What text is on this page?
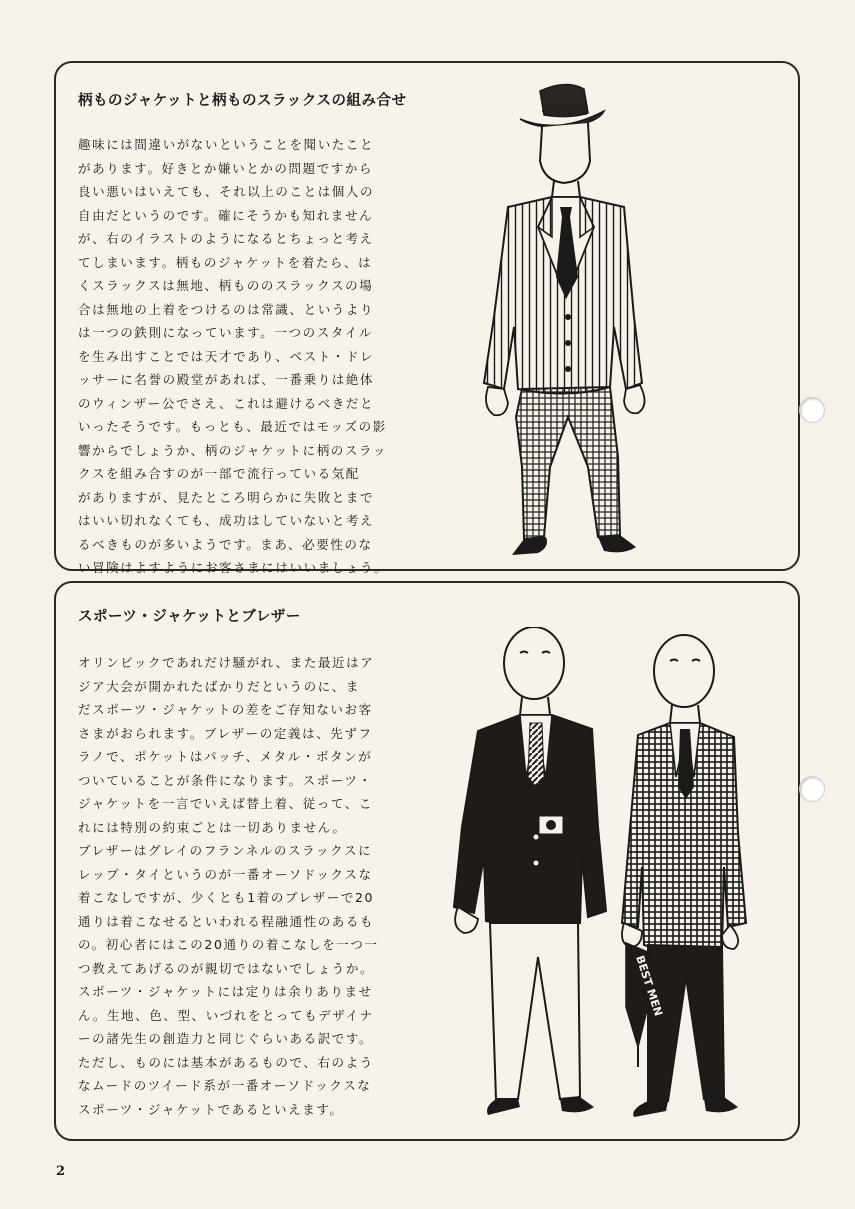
柄ものジャケットと柄ものスラックスの組み合せ
趣味には間違いがないということを聞いたこと
があります。好きとか嫌いとかの問題ですから
良い悪いはいえても、それ以上のことは個人の
自由だというのです。確にそうかも知れません
が、右のイラストのようになるとちょっと考え
てしまいます。柄ものジャケットを着たら、は
くスラックスは無地、柄もののスラックスの場
合は無地の上着をつけるのは常識、というより
は一つの鉄則になっています。一つのスタイル
を生み出すことでは天才であり、ベスト・ドレ
ッサーに名誉の殿堂があれば、一番乗りは絶体
のウィンザー公でさえ、これは避けるべきだと
いったそうです。もっとも、最近ではモッズの影
響からでしょうか、柄のジャケットに柄のスラッ
クスを組み合すのが一部で流行っている気配
がありますが、見たところ明らかに失敗とまで
はいい切れなくても、成功はしていないと考え
るべきものが多いようです。まあ、必要性のな
い冒険はよすようにお客さまにはいいましょう。
スポーツ・ジャケットとブレザー
オリンピックであれだけ騒がれ、また最近はア
ジア大会が開かれたばかりだというのに、ま
だスポーツ・ジャケットの差をご存知ないお客
さまがおられます。ブレザーの定義は、先ずフ
ラノで、ポケットはパッチ、メタル・ボタンが
ついていることが条件になります。スポーツ・
ジャケットを一言でいえば替上着、従って、こ
れには特別の約束ごとは一切ありません。
ブレザーはグレイのフランネルのスラックスに
レップ・タイというのが一番オーソドックスな
着こなしですが、少くとも1着のブレザーで20
通りは着こなせるといわれる程融通性のあるも
の。初心者にはこの20通りの着こなしを一つ一
つ教えてあげるのが親切ではないでしょうか。
スポーツ・ジャケットには定りは余りありませ
ん。生地、色、型、いづれをとってもデザイナ
ーの諸先生の創造力と同じぐらいある訳です。
ただし、ものには基本があるもので、右のよう
なムードのツイード系が一番オーソドックスな
スポーツ・ジャケットであるといえます。
BEST MEN
2
